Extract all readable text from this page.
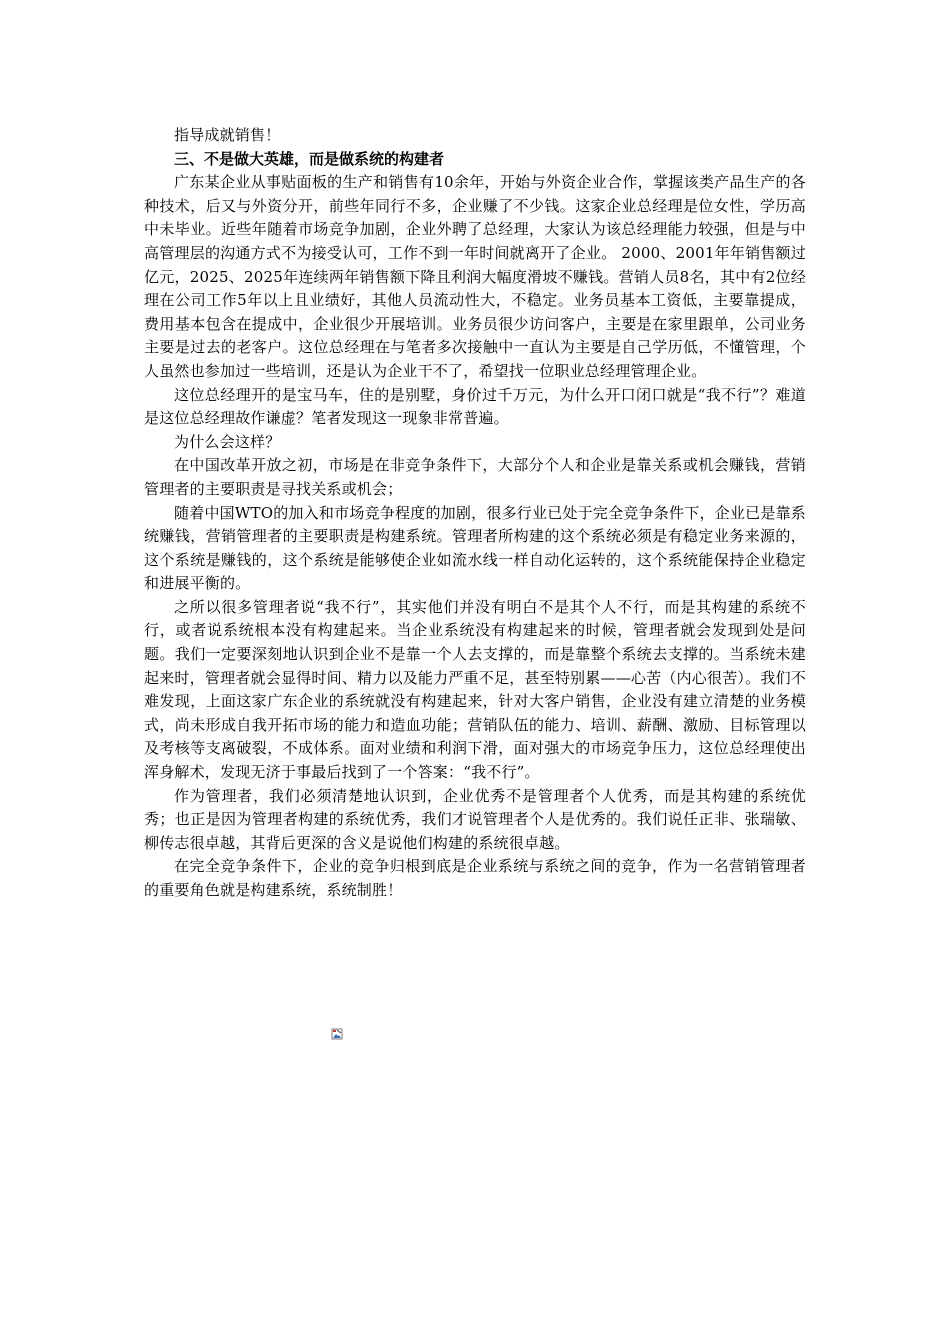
指导成就销售！

三、不是做大英雄，而是做系统的构建者

广东某企业从事贴面板的生产和销售有10余年，开始与外资企业合作，掌握该类产品生产的各种技术，后又与外资分开，前些年同行不多，企业赚了不少钱。这家企业总经理是位女性，学历高中未毕业。近些年随着市场竞争加剧，企业外聘了总经理，大家认为该总经理能力较强，但是与中高管理层的沟通方式不为接受认可，工作不到一年时间就离开了企业。 2000、2001年年销售额过亿元，2025、2025年连续两年销售额下降且利润大幅度滑坡不赚钱。营销人员8名，其中有2位经理在公司工作5年以上且业绩好，其他人员流动性大，不稳定。业务员基本工资低，主要靠提成，费用基本包含在提成中，企业很少开展培训。业务员很少访问客户，主要是在家里跟单，公司业务主要是过去的老客户。这位总经理在与笔者多次接触中一直认为主要是自己学历低，不懂管理，个人虽然也参加过一些培训，还是认为企业干不了，希望找一位职业总经理管理企业。

这位总经理开的是宝马车，住的是别墅，身价过千万元，为什么开口闭口就是“我不行”？难道是这位总经理故作谦虚？笔者发现这一现象非常普遍。

为什么会这样？

在中国改革开放之初，市场是在非竞争条件下，大部分个人和企业是靠关系或机会赚钱，营销管理者的主要职责是寻找关系或机会；

随着中国WTO的加入和市场竞争程度的加剧，很多行业已处于完全竞争条件下，企业已是靠系统赚钱，营销管理者的主要职责是构建系统。管理者所构建的这个系统必须是有稳定业务来源的，这个系统是赚钱的，这个系统是能够使企业如流水线一样自动化运转的，这个系统能保持企业稳定和进展平衡的。

之所以很多管理者说“我不行”，其实他们并没有明白不是其个人不行，而是其构建的系统不行，或者说系统根本没有构建起来。当企业系统没有构建起来的时候，管理者就会发现到处是问题。我们一定要深刻地认识到企业不是靠一个人去支撑的，而是靠整个系统去支撑的。当系统未建起来时，管理者就会显得时间、精力以及能力严重不足，甚至特别累——心苦（内心很苦）。我们不难发现，上面这家广东企业的系统就没有构建起来，针对大客户销售，企业没有建立清楚的业务模式，尚未形成自我开拓市场的能力和造血功能；营销队伍的能力、培训、薪酬、激励、目标管理以及考核等支离破裂，不成体系。面对业绩和利润下滑，面对强大的市场竞争压力，这位总经理使出浑身解术，发现无济于事最后找到了一个答案：“我不行”。

作为管理者，我们必须清楚地认识到，企业优秀不是管理者个人优秀，而是其构建的系统优秀；也正是因为管理者构建的系统优秀，我们才说管理者个人是优秀的。我们说任正非、张瑞敏、柳传志很卓越，其背后更深的含义是说他们构建的系统很卓越。

在完全竞争条件下，企业的竞争归根到底是企业系统与系统之间的竞争，作为一名营销管理者的重要角色就是构建系统，系统制胜！
